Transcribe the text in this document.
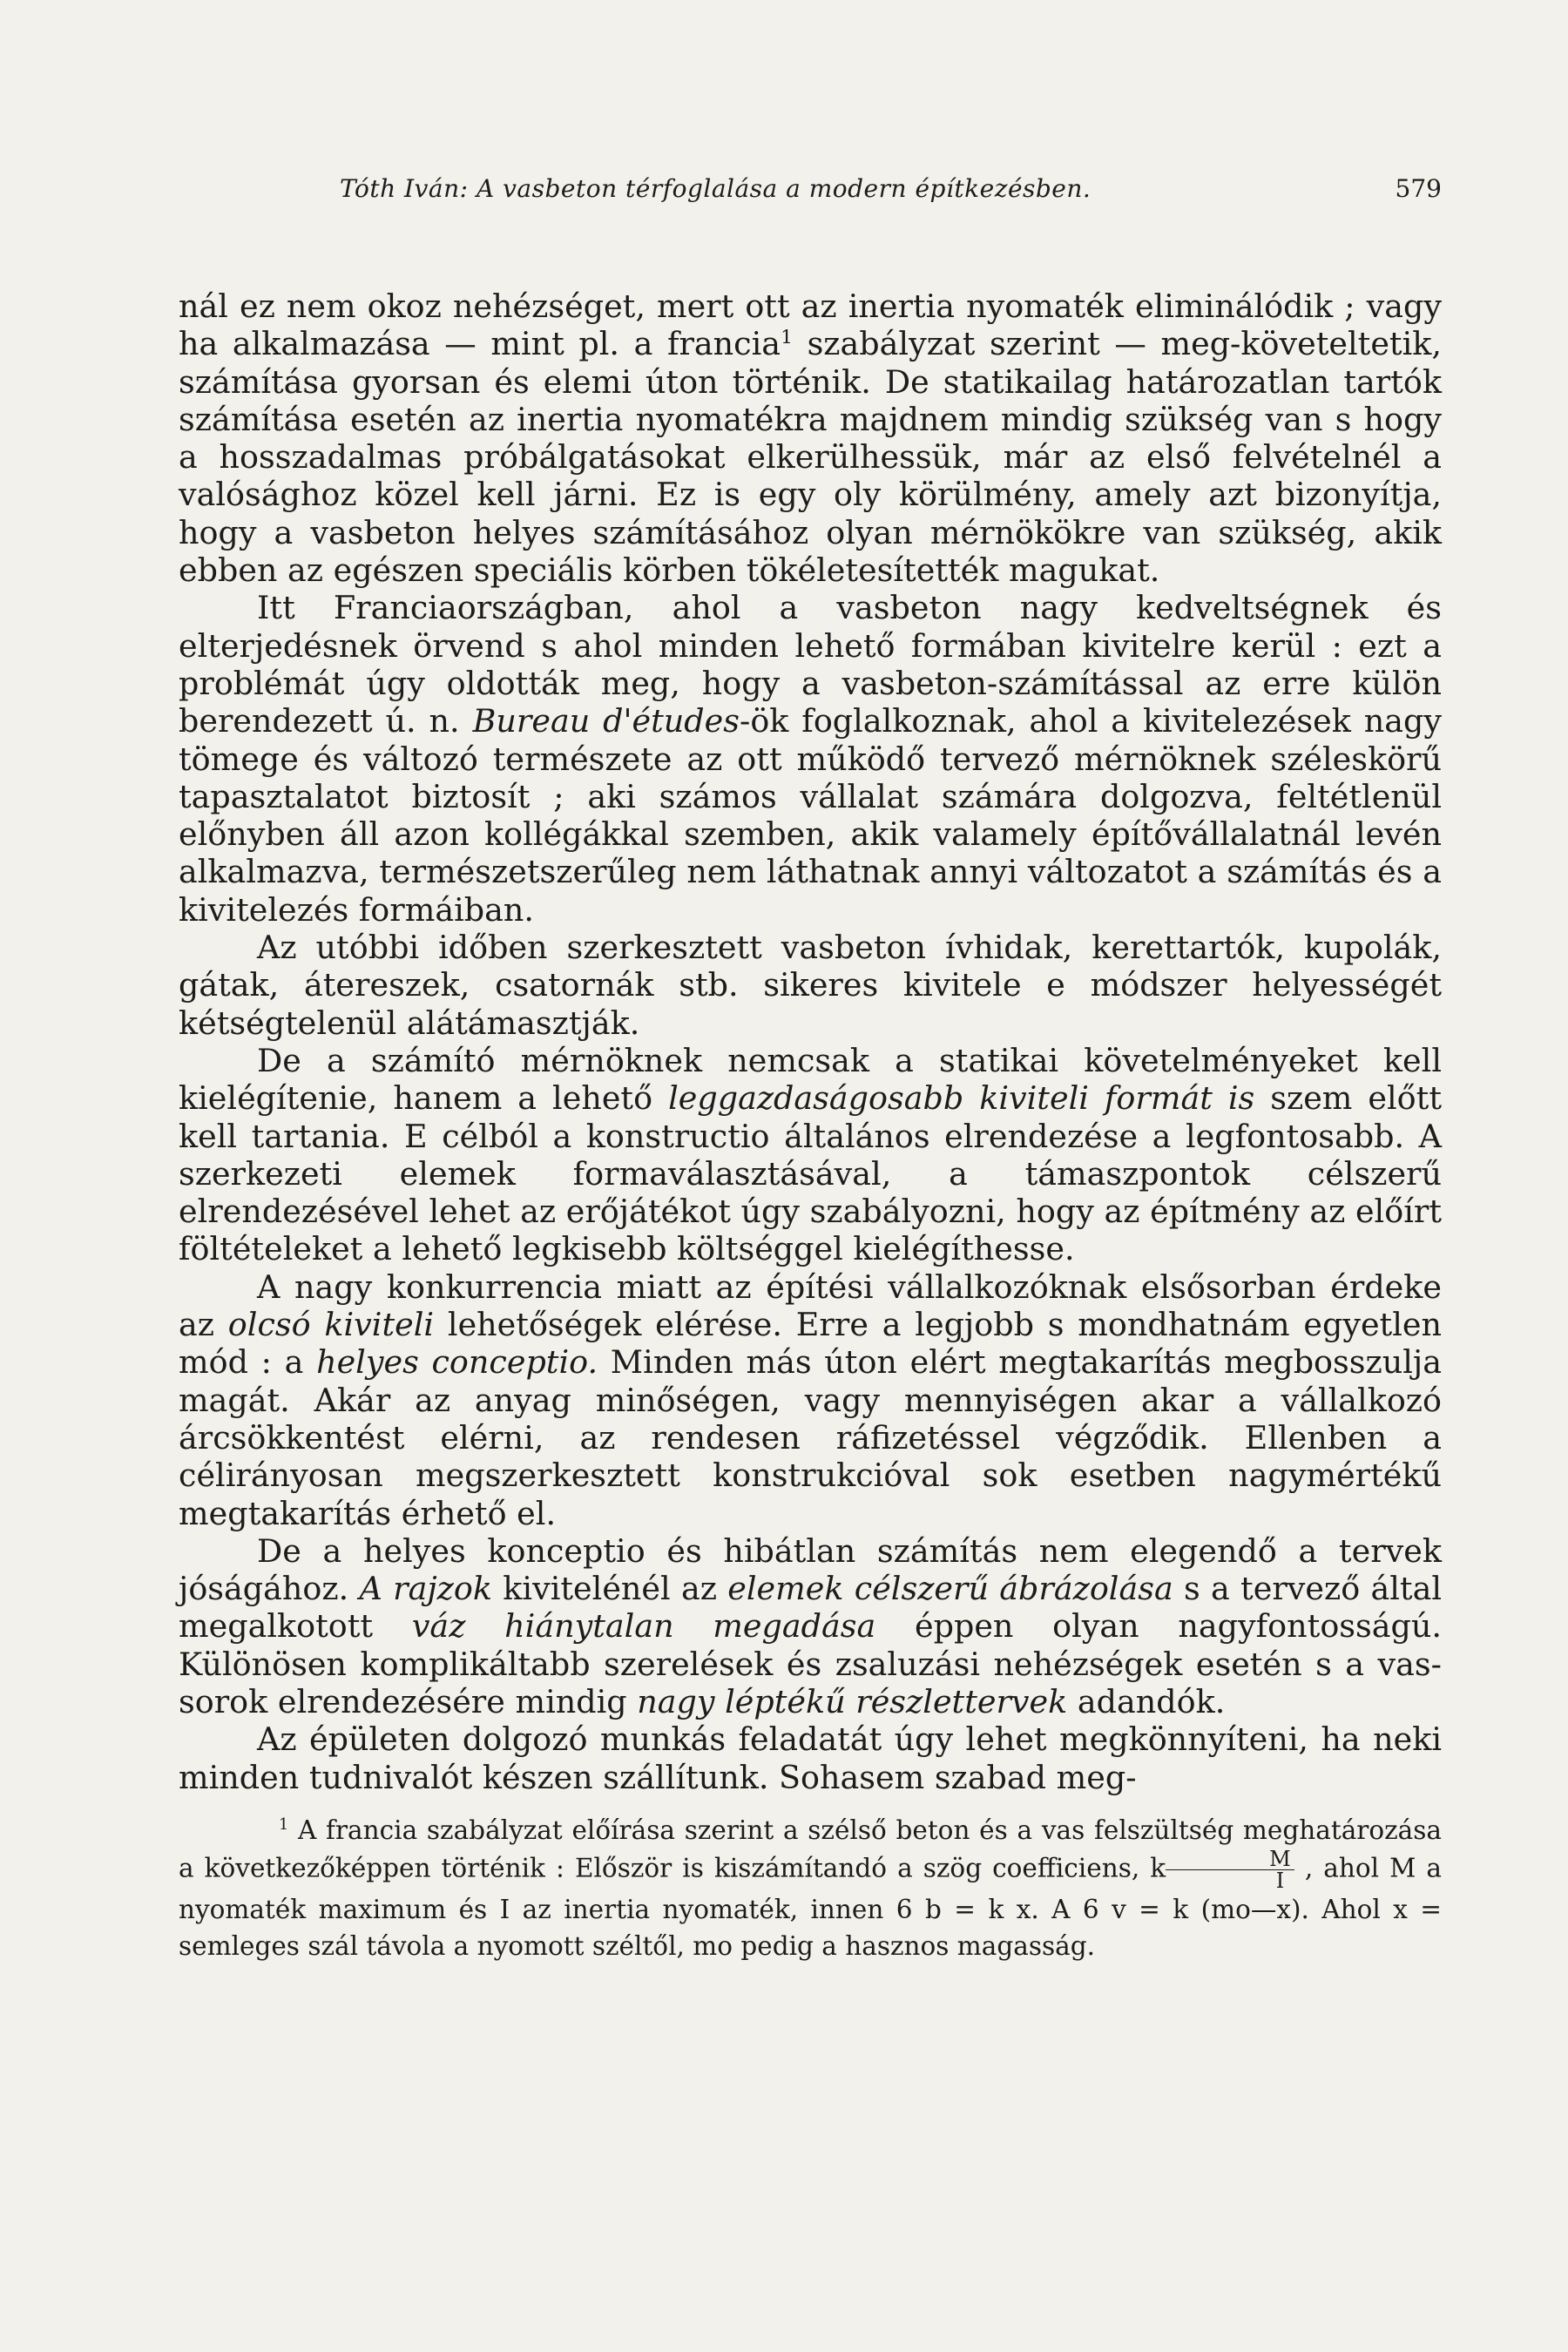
Tóth Iván: A vasbeton térfoglalása a modern építkezésben.	579

nál ez nem okoz nehézséget, mert ott az inertia nyomaték eliminálódik ; vagy ha alkalmazása — mint pl. a francia$^1$ szabályzat szerint — meg-követeltetik, számítása gyorsan és elemi úton történik. De statikailag határozatlan tartók számítása esetén az inertia nyomatékra majdnem mindig szükség van s hogy a hosszadalmas próbálgatásokat elkerülhessük, már az első felvételnél a valósághoz közel kell járni. Ez is egy oly körülmény, amely azt bizonyítja, hogy a vasbeton helyes számításához olyan mérnökökre van szükség, akik ebben az egészen speciális körben tökéletesítették magukat.

Itt Franciaországban, ahol a vasbeton nagy kedveltségnek és elterjedésnek örvend s ahol minden lehető formában kivitelre kerül : ezt a problémát úgy oldották meg, hogy a vasbeton-számítással az erre külön berendezett ú. n. Bureau d'études-ök foglalkoznak, ahol a kivitelezések nagy tömege és változó természete az ott működő tervező mérnöknek széleskörű tapasztalatot biztosít ; aki számos vállalat számára dolgozva, feltétlenül előnyben áll azon kollégákkal szemben, akik valamely építővállalatnál levén alkalmazva, természetszerűleg nem láthatnak annyi változatot a számítás és a kivitelezés formáiban.

Az utóbbi időben szerkesztett vasbeton ívhidak, kerettartók, kupolák, gátak, átereszek, csatornák stb. sikeres kivitele e módszer helyességét kétségtelenül alátámasztják.

De a számító mérnöknek nemcsak a statikai követelményeket kell kielégítenie, hanem a lehető leggazdaságosabb kiviteli formát is szem előtt kell tartania. E célból a konstructio általános elrendezése a legfontosabb. A szerkezeti elemek formaválasztásával, a támaszpontok célszerű elrendezésével lehet az erőjátékot úgy szabályozni, hogy az építmény az előírt föltételeket a lehető legkisebb költséggel kielégíthesse.

A nagy konkurrencia miatt az építési vállalkozóknak elsősorban érdeke az olcsó kiviteli lehetőségek elérése. Erre a legjobb s mondhatnám egyetlen mód : a helyes conceptio. Minden más úton elért megtakarítás megbosszulja magát. Akár az anyag minőségen, vagy mennyiségen akar a vállalkozó árcsökkentést elérni, az rendesen ráfizetéssel végződik. Ellenben a célirányosan megszerkesztett konstrukcióval sok esetben nagymértékű megtakarítás érhető el.

De a helyes konceptio és hibátlan számítás nem elegendő a tervek jóságához. A rajzok kivitelénél az elemek célszerű ábrázolása s a tervező által megalkotott váz hiánytalan megadása éppen olyan nagyfontosságú. Különösen komplikáltabb szerelések és zsaluzási nehézségek esetén s a vas-sorok elrendezésére mindig nagy léptékű részlettervek adandók.

Az épületen dolgozó munkás feladatát úgy lehet megkönnyíteni, ha neki minden tudnivalót készen szállítunk. Sohasem szabad meg-

$^1$ A francia szabályzat előírása szerint a szélső beton és a vas felszültség meghatározása a következőképpen történik : Először is kiszámítandó a szög coefficiens, k $\frac{M}{I}$ , ahol M a nyomaték maximum és I az inertia nyomaték, innen 6 b = k x. A 6 v = k (mo—x). Ahol x = semleges szál távola a nyomott széltől, mo pedig a hasznos magasság.
